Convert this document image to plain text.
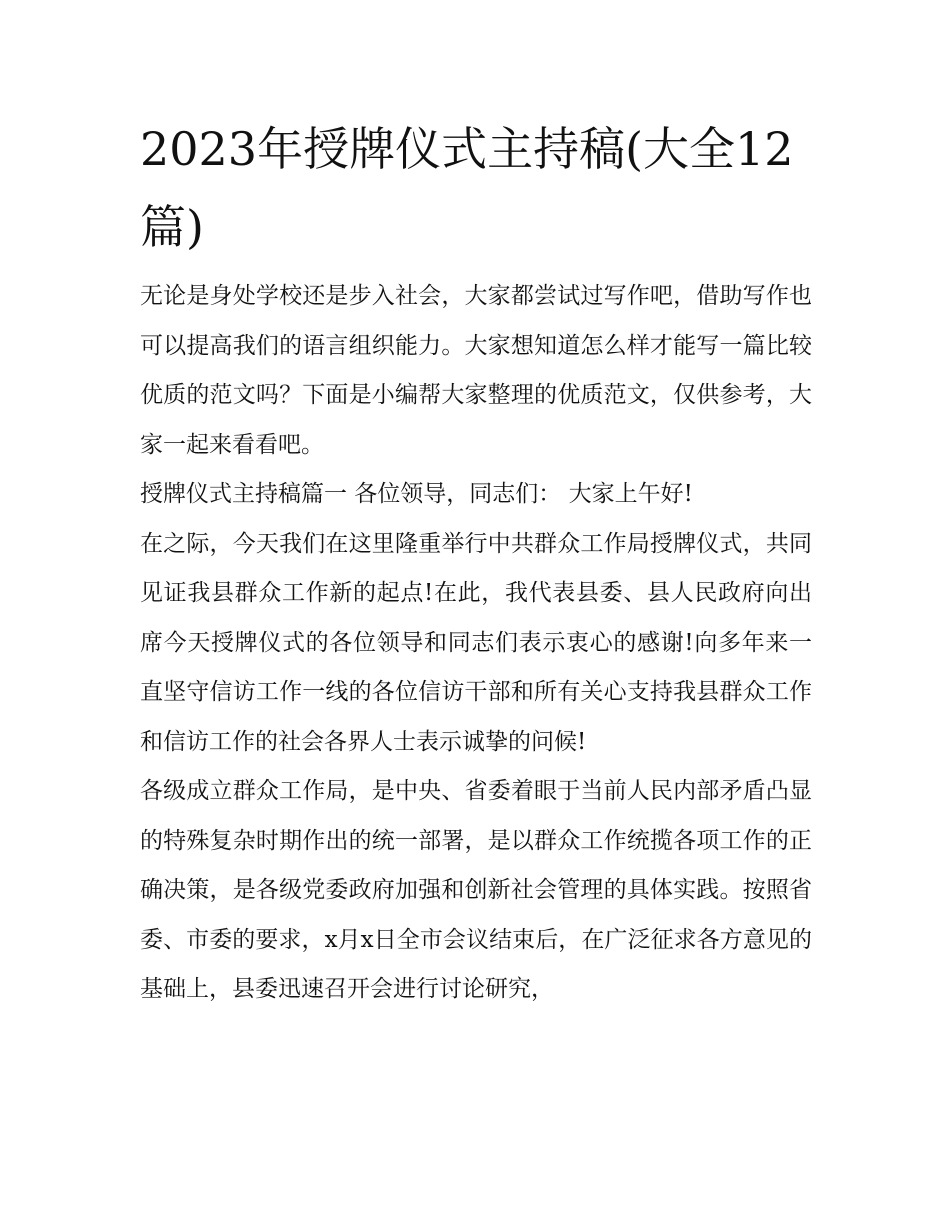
2023年授牌仪式主持稿(大全12篇)

无论是身处学校还是步入社会，大家都尝试过写作吧，借助写作也可以提高我们的语言组织能力。大家想知道怎么样才能写一篇比较优质的范文吗？下面是小编帮大家整理的优质范文，仅供参考，大家一起来看看吧。

授牌仪式主持稿篇一 各位领导，同志们： 大家上午好!

在之际，今天我们在这里隆重举行中共群众工作局授牌仪式，共同见证我县群众工作新的起点!在此，我代表县委、县人民政府向出席今天授牌仪式的各位领导和同志们表示衷心的感谢!向多年来一直坚守信访工作一线的各位信访干部和所有关心支持我县群众工作和信访工作的社会各界人士表示诚挚的问候!

各级成立群众工作局，是中央、省委着眼于当前人民内部矛盾凸显的特殊复杂时期作出的统一部署，是以群众工作统揽各项工作的正确决策，是各级党委政府加强和创新社会管理的具体实践。按照省委、市委的要求，x月x日全市会议结束后，在广泛征求各方意见的基础上，县委迅速召开会进行讨论研究，
